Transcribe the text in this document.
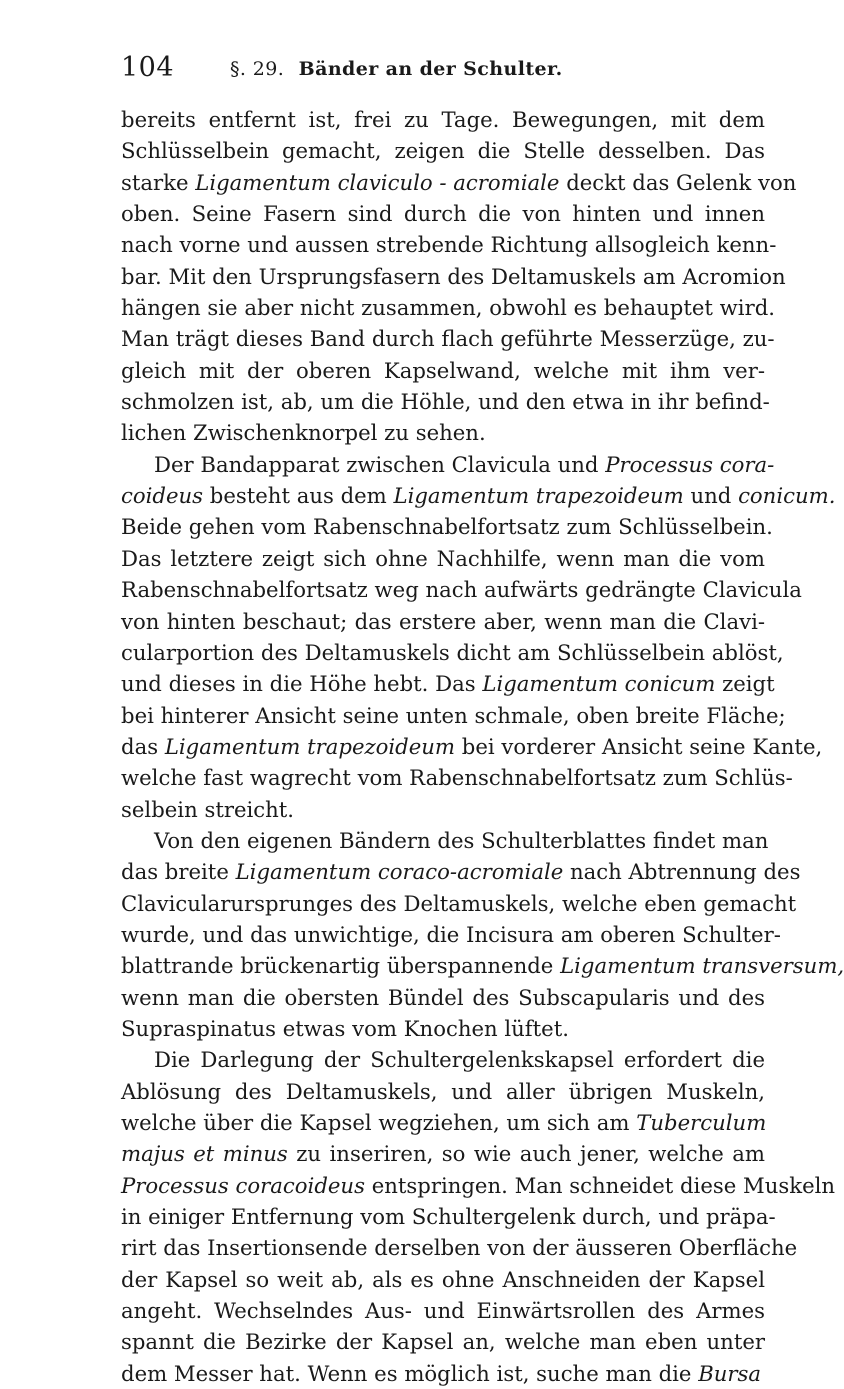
104	§. 29. Bänder an der Schulter.
bereits entfernt ist, frei zu Tage. Bewegungen, mit dem
Schlüsselbein gemacht, zeigen die Stelle desselben. Das
starke Ligamentum claviculo - acromiale deckt das Gelenk von
oben. Seine Fasern sind durch die von hinten und innen
nach vorne und aussen strebende Richtung allsogleich kenn-
bar. Mit den Ursprungsfasern des Deltamuskels am Acromion
hängen sie aber nicht zusammen, obwohl es behauptet wird.
Man trägt dieses Band durch flach geführte Messerzüge, zu-
gleich mit der oberen Kapselwand, welche mit ihm ver-
schmolzen ist, ab, um die Höhle, und den etwa in ihr befind-
lichen Zwischenknorpel zu sehen.
Der Bandapparat zwischen Clavicula und Processus cora-
coideus besteht aus dem Ligamentum trapezoideum und conicum.
Beide gehen vom Rabenschnabelfortsatz zum Schlüsselbein.
Das letztere zeigt sich ohne Nachhilfe, wenn man die vom
Rabenschnabelfortsatz weg nach aufwärts gedrängte Clavicula
von hinten beschaut; das erstere aber, wenn man die Clavi-
cularportion des Deltamuskels dicht am Schlüsselbein ablöst,
und dieses in die Höhe hebt. Das Ligamentum conicum zeigt
bei hinterer Ansicht seine unten schmale, oben breite Fläche;
das Ligamentum trapezoideum bei vorderer Ansicht seine Kante,
welche fast wagrecht vom Rabenschnabelfortsatz zum Schlüs-
selbein streicht.
Von den eigenen Bändern des Schulterblattes findet man
das breite Ligamentum coraco-acromiale nach Abtrennung des
Clavicularursprunges des Deltamuskels, welche eben gemacht
wurde, und das unwichtige, die Incisura am oberen Schulter-
blattrande brückenartig überspannende Ligamentum transversum,
wenn man die obersten Bündel des Subscapularis und des
Supraspinatus etwas vom Knochen lüftet.
Die Darlegung der Schultergelenkskapsel erfordert die
Ablösung des Deltamuskels, und aller übrigen Muskeln,
welche über die Kapsel wegziehen, um sich am Tuberculum
majus et minus zu inseriren, so wie auch jener, welche am
Processus coracoideus entspringen. Man schneidet diese Muskeln
in einiger Entfernung vom Schultergelenk durch, und präpa-
rirt das Insertionsende derselben von der äusseren Oberfläche
der Kapsel so weit ab, als es ohne Anschneiden der Kapsel
angeht. Wechselndes Aus- und Einwärtsrollen des Armes
spannt die Bezirke der Kapsel an, welche man eben unter
dem Messer hat. Wenn es möglich ist, suche man die Bursa
